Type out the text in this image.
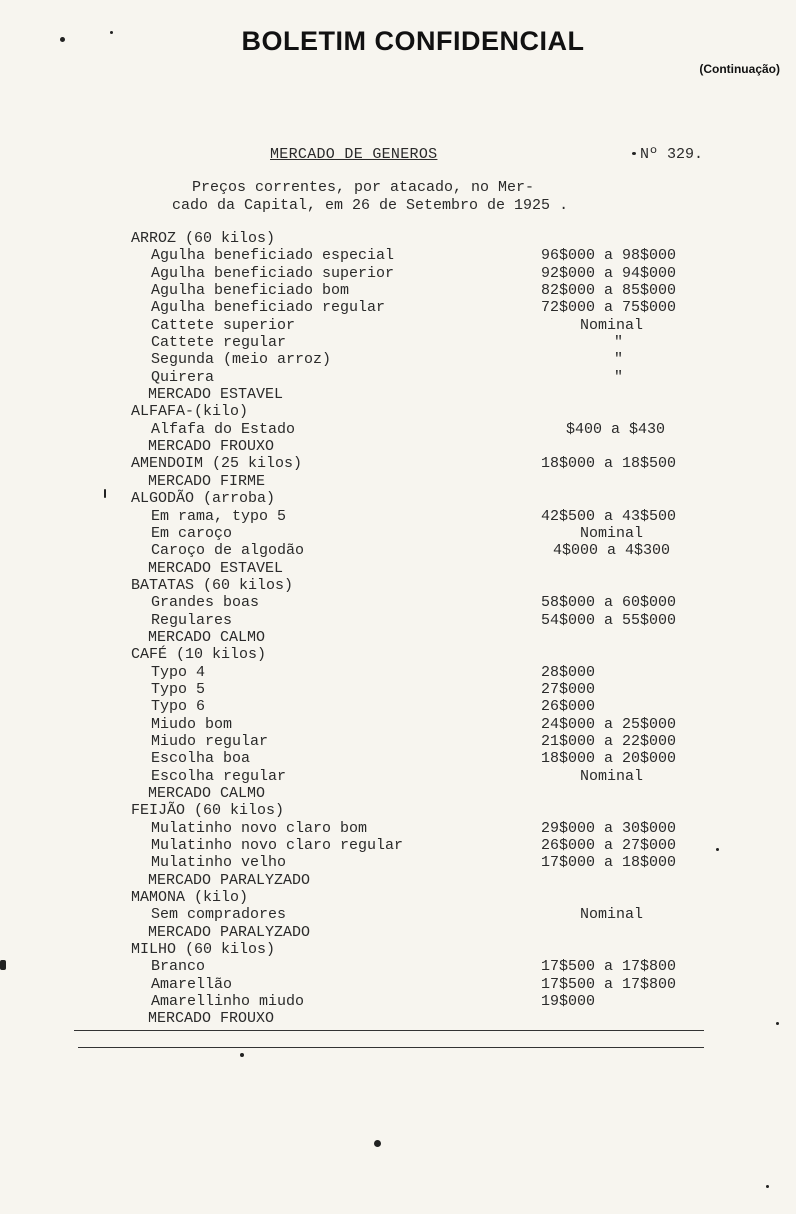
BOLETIM CONFIDENCIAL
(Continuação)
MERCADO DE GENEROS	Nº 329.
Preços correntes, por atacado, no Mer-
cado da Capital, em 26 de Setembro de 1925 .
ARROZ (60 kilos)
Agulha beneficiado especial	96$000 a 98$000
Agulha beneficiado superior	92$000 a 94$000
Agulha beneficiado bom	82$000 a 85$000
Agulha beneficiado regular	72$000 a 75$000
Cattete superior	Nominal
Cattete regular	"
Segunda (meio arroz)	"
Quirera	"
MERCADO ESTAVEL
ALFAFA-(kilo)
Alfafa do Estado	$400 a $430
MERCADO FROUXO
AMENDOIM (25 kilos)	18$000 a 18$500
MERCADO FIRME
ALGODÃO (arroba)
Em rama, typo 5	42$500 a 43$500
Em caroço	Nominal
Caroço de algodão	4$000 a 4$300
MERCADO ESTAVEL
BATATAS (60 kilos)
Grandes boas	58$000 a 60$000
Regulares	54$000 a 55$000
MERCADO CALMO
CAFÉ (10 kilos)
Typo 4	28$000
Typo 5	27$000
Typo 6	26$000
Miudo bom	24$000 a 25$000
Miudo regular	21$000 a 22$000
Escolha boa	18$000 a 20$000
Escolha regular	Nominal
MERCADO CALMO
FEIJÃO (60 kilos)
Mulatinho novo claro bom	29$000 a 30$000
Mulatinho novo claro regular	26$000 a 27$000
Mulatinho velho	17$000 a 18$000
MERCADO PARALYZADO
MAMONA (kilo)
Sem compradores	Nominal
MERCADO PARALYZADO
MILHO (60 kilos)
Branco	17$500 a 17$800
Amarellão	17$500 a 17$800
Amarellinho miudo	19$000
MERCADO FROUXO
